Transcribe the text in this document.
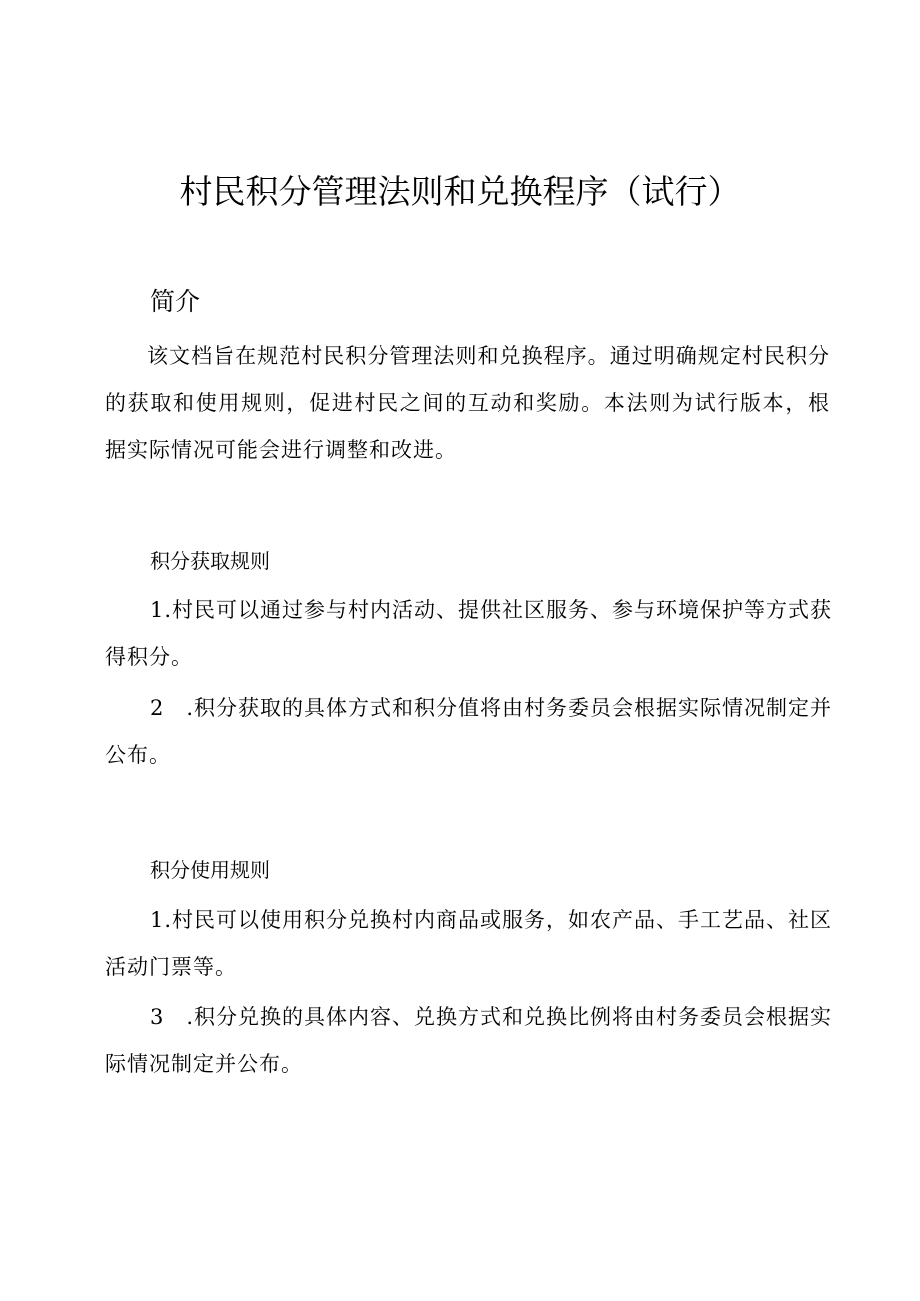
村民积分管理法则和兑换程序（试行）
简介

该文档旨在规范村民积分管理法则和兑换程序。通过明确规定村民积分的获取和使用规则，促进村民之间的互动和奖励。本法则为试行版本，根据实际情况可能会进行调整和改进。

积分获取规则

1.村民可以通过参与村内活动、提供社区服务、参与环境保护等方式获得积分。

2　.积分获取的具体方式和积分值将由村务委员会根据实际情况制定并公布。

积分使用规则

1.村民可以使用积分兑换村内商品或服务，如农产品、手工艺品、社区活动门票等。

3　.积分兑换的具体内容、兑换方式和兑换比例将由村务委员会根据实际情况制定并公布。
